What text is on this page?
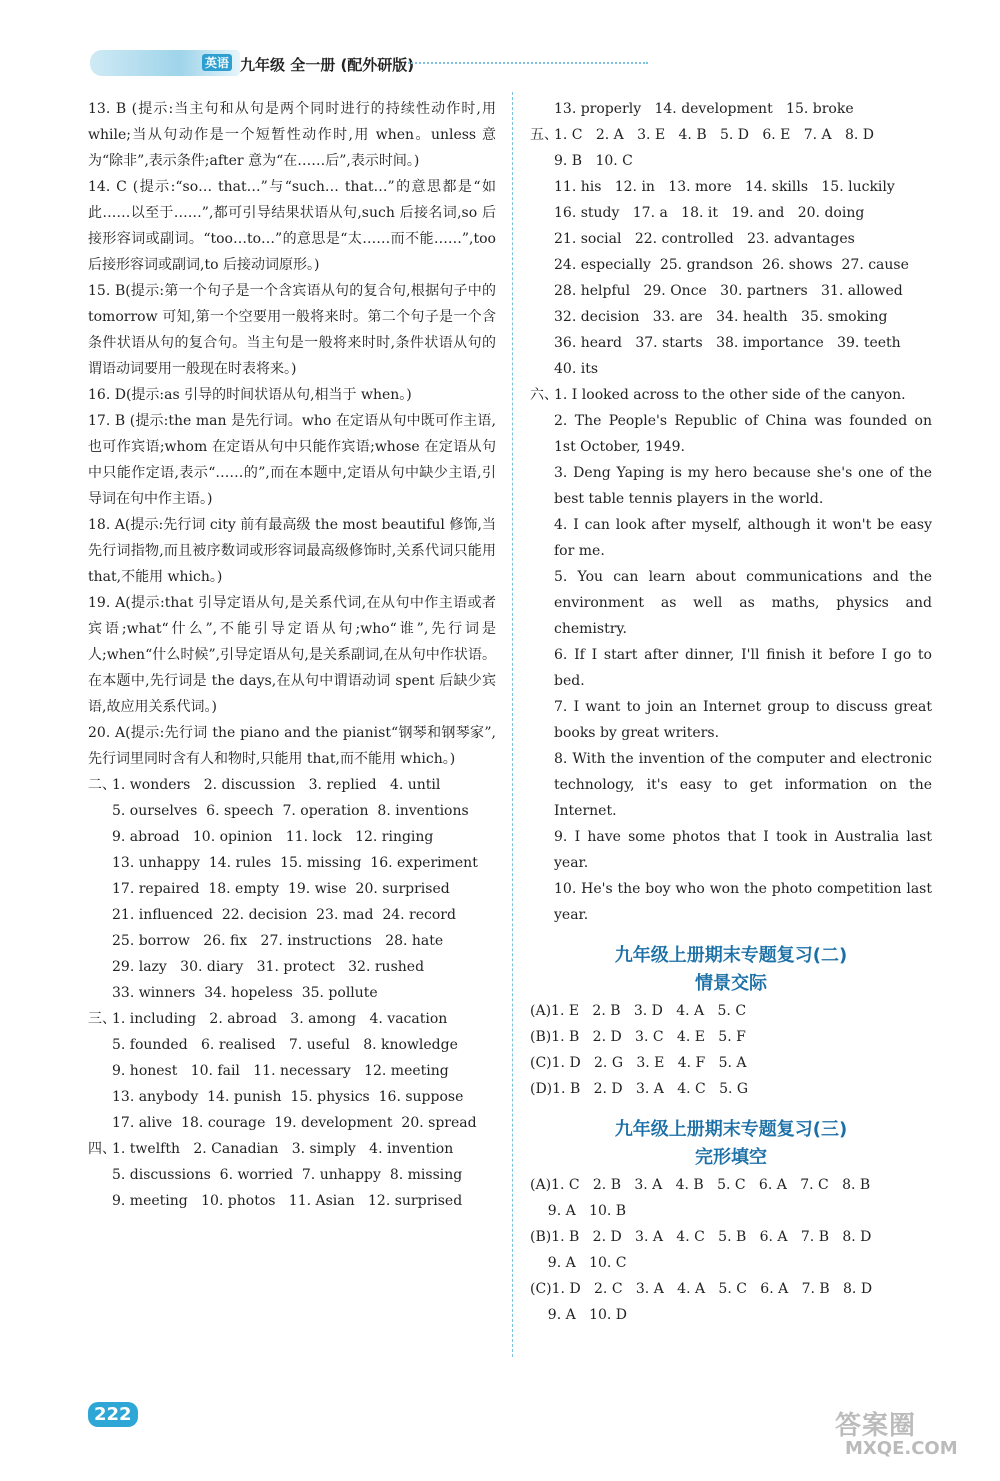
英语 九年级 全一册 (配外研版)
13. B (提示:当主句和从句是两个同时进行的持续性动作时,用 while;当从句动作是一个短暂性动作时,用 when。unless 意为“除非”,表示条件;after 意为“在……后”,表示时间。)
14. C (提示:“so… that…”与“such… that…”的意思都是“如此……以至于……”,都可引导结果状语从句,such 后接名词,so 后接形容词或副词。“too…to…”的意思是“太……而不能……”,too 后接形容词或副词,to 后接动词原形。)
15. B(提示:第一个句子是一个含宾语从句的复合句,根据句子中的 tomorrow 可知,第一个空要用一般将来时。第二个句子是一个含条件状语从句的复合句。当主句是一般将来时时,条件状语从句的谓语动词要用一般现在时表将来。)
16. D(提示:as 引导的时间状语从句,相当于 when。)
17. B (提示:the man 是先行词。who 在定语从句中既可作主语,也可作宾语;whom 在定语从句中只能作宾语;whose 在定语从句中只能作定语,表示“……的”,而在本题中,定语从句中缺少主语,引导词在句中作主语。)
18. A(提示:先行词 city 前有最高级 the most beautiful 修饰,当先行词指物,而且被序数词或形容词最高级修饰时,关系代词只能用 that,不能用 which。)
19. A(提示:that 引导定语从句,是关系代词,在从句中作主语或者宾语;what“什么”,不能引导定语从句;who“谁”,先行词是人;when“什么时候”,引导定语从句,是关系副词,在从句中作状语。在本题中,先行词是 the days,在从句中谓语动词 spent 后缺少宾语,故应用关系代词。)
20. A(提示:先行词 the piano and the pianist“钢琴和钢琴家”,先行词里同时含有人和物时,只能用 that,而不能用 which。)
二、
1. wonders   2. discussion   3. replied   4. until
5. ourselves  6. speech  7. operation  8. inventions
9. abroad   10. opinion   11. lock   12. ringing
13. unhappy  14. rules  15. missing  16. experiment
17. repaired  18. empty  19. wise  20. surprised
21. influenced  22. decision  23. mad  24. record
25. borrow   26. fix   27. instructions   28. hate
29. lazy   30. diary   31. protect   32. rushed
33. winners  34. hopeless  35. pollute
三、
1. including   2. abroad   3. among   4. vacation
5. founded   6. realised   7. useful   8. knowledge
9. honest   10. fail   11. necessary   12. meeting
13. anybody  14. punish  15. physics  16. suppose
17. alive  18. courage  19. development  20. spread
四、
1. twelfth   2. Canadian   3. simply   4. invention
5. discussions  6. worried  7. unhappy  8. missing
9. meeting   10. photos   11. Asian   12. surprised
13. properly   14. development   15. broke
五、
1. C   2. A   3. E   4. B   5. D   6. E   7. A   8. D
9. B   10. C
11. his   12. in   13. more   14. skills   15. luckily
16. study   17. a   18. it   19. and   20. doing
21. social   22. controlled   23. advantages
24. especially  25. grandson  26. shows  27. cause
28. helpful   29. Once   30. partners   31. allowed
32. decision   33. are   34. health   35. smoking
36. heard   37. starts   38. importance   39. teeth
40. its
六、
1. I looked across to the other side of the canyon.
2. The People's Republic of China was founded on 1st October, 1949.
3. Deng Yaping is my hero because she's one of the best table tennis players in the world.
4. I can look after myself, although it won't be easy for me.
5. You can learn about communications and the environment as well as maths, physics and chemistry.
6. If I start after dinner, I'll finish it before I go to bed.
7. I want to join an Internet group to discuss great books by great writers.
8. With the invention of the computer and electronic technology, it's easy to get information on the Internet.
9. I have some photos that I took in Australia last year.
10. He's the boy who won the photo competition last year.
九年级上册期末专题复习(二)
情景交际
(A)1. E   2. B   3. D   4. A   5. C
(B)1. B   2. D   3. C   4. E   5. F
(C)1. D   2. G   3. E   4. F   5. A
(D)1. B   2. D   3. A   4. C   5. G
九年级上册期末专题复习(三)
完形填空
(A)1. C   2. B   3. A   4. B   5. C   6. A   7. C   8. B
9. A   10. B
(B)1. B   2. D   3. A   4. C   5. B   6. A   7. B   8. D
9. A   10. C
(C)1. D   2. C   3. A   4. A   5. C   6. A   7. B   8. D
9. A   10. D
222	答案圈
MXQE.COM
